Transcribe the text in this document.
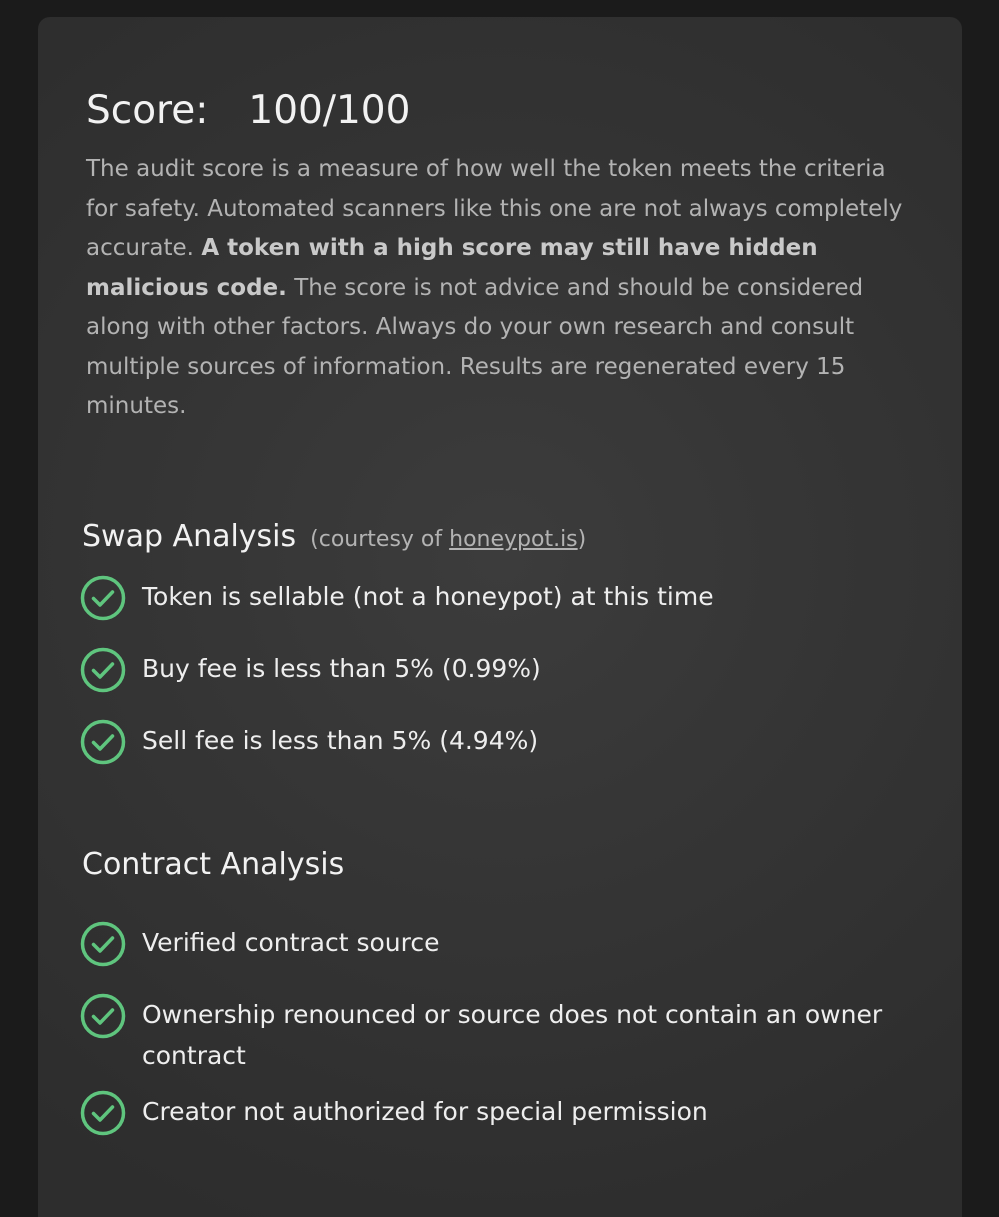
Score: 100/100

The audit score is a measure of how well the token meets the criteria for safety. Automated scanners like this one are not always completely accurate. A token with a high score may still have hidden malicious code. The score is not advice and should be considered along with other factors. Always do your own research and consult multiple sources of information. Results are regenerated every 15 minutes.

Swap Analysis (courtesy of honeypot.is)
Token is sellable (not a honeypot) at this time
Buy fee is less than 5% (0.99%)
Sell fee is less than 5% (4.94%)
Contract Analysis
Verified contract source
Ownership renounced or source does not contain an owner contract
Creator not authorized for special permission
